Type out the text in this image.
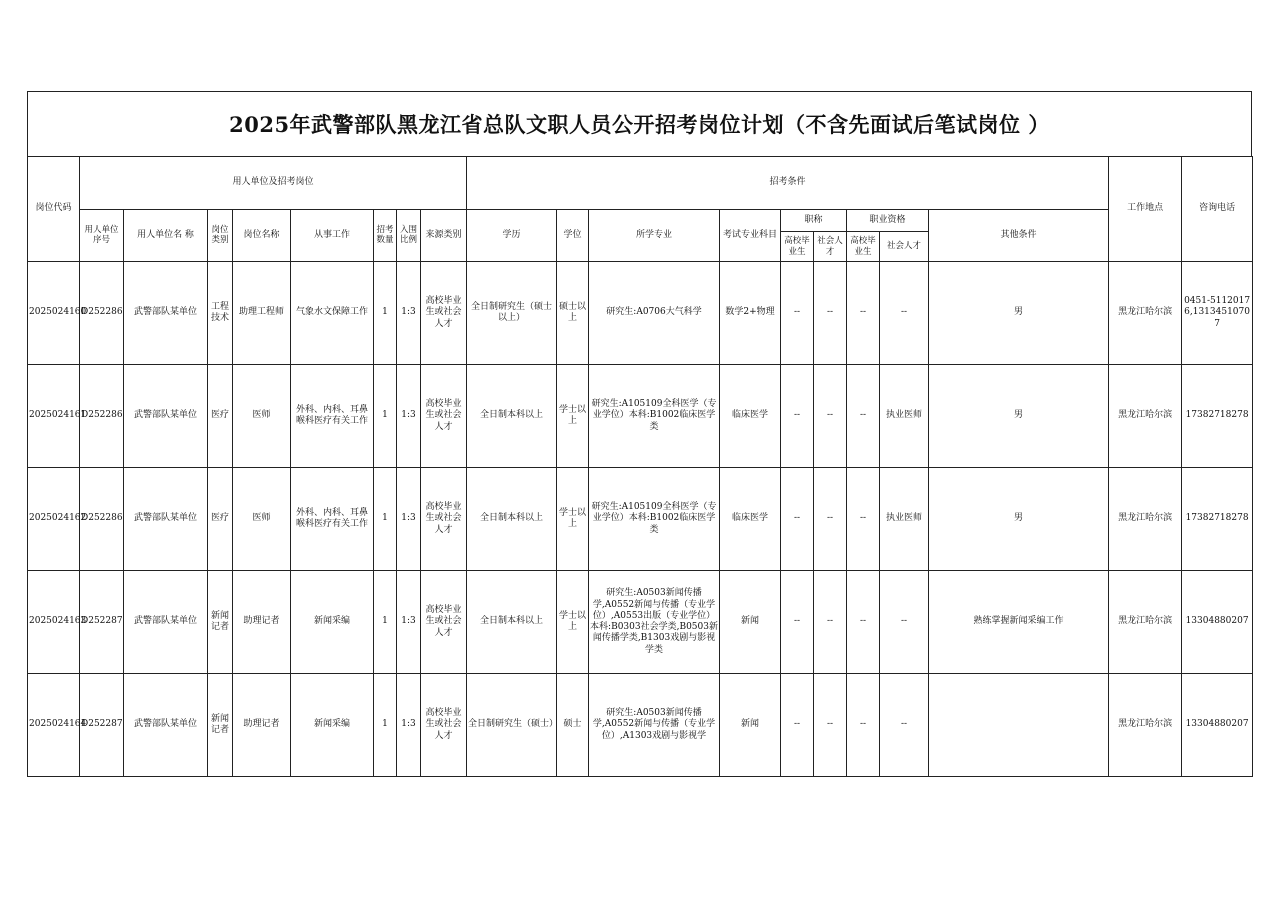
2025年武警部队黑龙江省总队文职人员公开招考岗位计划（不含先面试后笔试岗位 ）
岗位代码	用人单位及招考岗位								招考条件									工作地点	咨询电话
	用人单位序号	用人单位名 称	岗位类别	岗位名称	从事工作	招考数量	入围比例	来源类别	学历	学位	所学专业	考试专业科目	职称		职业资格		其他条件		
													高校毕业生	社会人才	高校毕业生	社会人才			
2025024160	D252286	武警部队某单位	工程技术	助理工程师	气象水文保障工作	1	1:3	高校毕业生或社会人才	全日制研究生（硕士以上）	硕士以上	研究生:A0706大气科学	数学2+物理	--	--	--	--	男	黑龙江哈尔滨	0451-51120176,13134510707
2025024161	D252286	武警部队某单位	医疗	医师	外科、内科、耳鼻喉科医疗有关工作	1	1:3	高校毕业生或社会人才	全日制本科以上	学士以上	研究生:A105109全科医学（专业学位）本科:B1002临床医学类	临床医学	--	--	--	执业医师	男	黑龙江哈尔滨	17382718278
2025024162	D252286	武警部队某单位	医疗	医师	外科、内科、耳鼻喉科医疗有关工作	1	1:3	高校毕业生或社会人才	全日制本科以上	学士以上	研究生:A105109全科医学（专业学位）本科:B1002临床医学类	临床医学	--	--	--	执业医师	男	黑龙江哈尔滨	17382718278
2025024163	D252287	武警部队某单位	新闻记者	助理记者	新闻采编	1	1:3	高校毕业生或社会人才	全日制本科以上	学士以上	研究生:A0503新闻传播学,A0552新闻与传播（专业学位）,A0553出版（专业学位）本科:B0303社会学类,B0503新闻传播学类,B1303戏剧与影视学类	新闻	--	--	--	--	熟练掌握新闻采编工作	黑龙江哈尔滨	13304880207
2025024164	D252287	武警部队某单位	新闻记者	助理记者	新闻采编	1	1:3	高校毕业生或社会人才	全日制研究生（硕士）	硕士	研究生:A0503新闻传播学,A0552新闻与传播（专业学位）,A1303戏剧与影视学	新闻	--	--	--	--		黑龙江哈尔滨	13304880207
